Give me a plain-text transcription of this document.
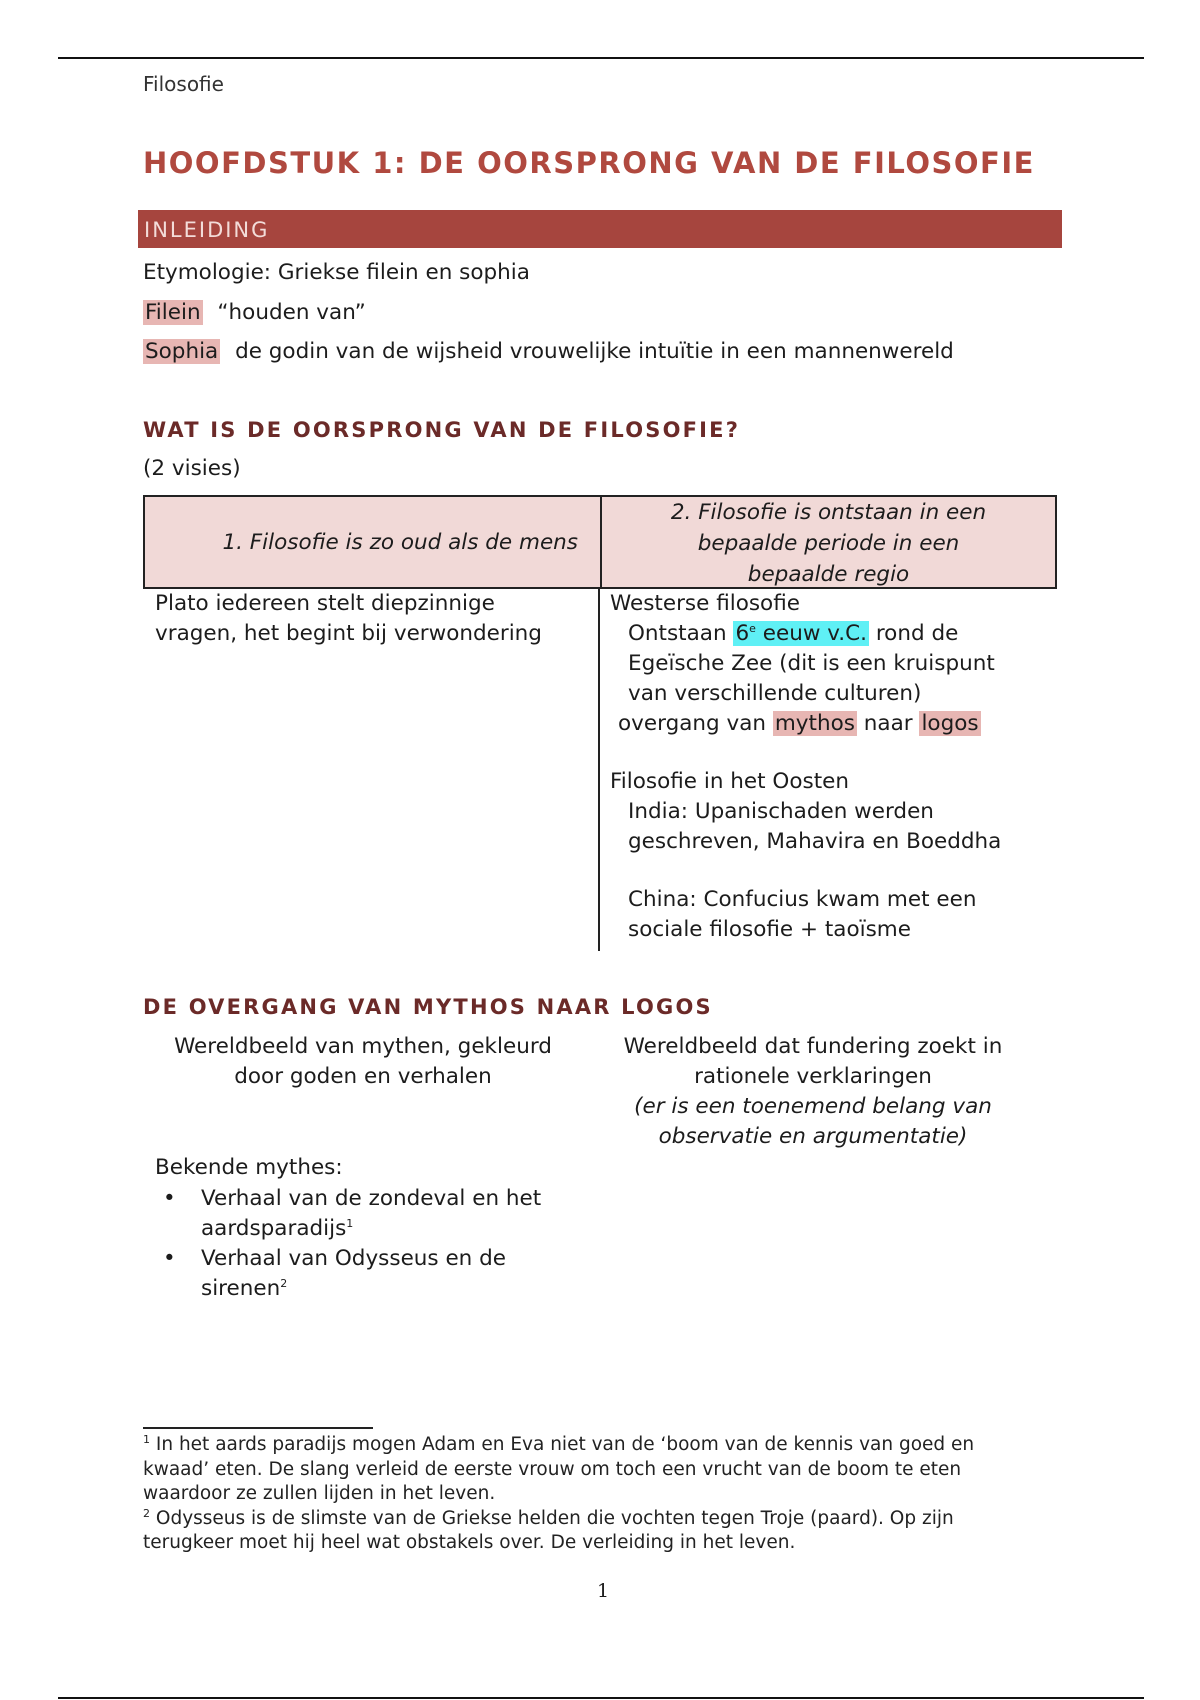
Filosofie
HOOFDSTUK 1: DE OORSPRONG VAN DE FILOSOFIE
INLEIDING
Etymologie: Griekse filein en sophia
Filein “houden van”
Sophia de godin van de wijsheid vrouwelijke intuïtie in een mannenwereld
WAT IS DE OORSPRONG VAN DE FILOSOFIE?
(2 visies)
1. Filosofie is zo oud als de mens
2. Filosofie is ontstaan in een
bepaalde periode in een
bepaalde regio
Plato iedereen stelt diepzinnige
vragen, het begint bij verwondering
Westerse filosofie
Ontstaan 6e eeuw v.C. rond de
Egeïsche Zee (dit is een kruispunt
van verschillende culturen)
overgang van mythos naar logos
Filosofie in het Oosten
India: Upanischaden werden
geschreven, Mahavira en Boeddha
China: Confucius kwam met een
sociale filosofie + taoïsme
DE OVERGANG VAN MYTHOS NAAR LOGOS
Wereldbeeld van mythen, gekleurd
door goden en verhalen
Wereldbeeld dat fundering zoekt in
rationele verklaringen
(er is een toenemend belang van
observatie en argumentatie)
Bekende mythes:
• Verhaal van de zondeval en het
aardsparadijs$^1$
• Verhaal van Odysseus en de
sirenen$^2$
$^1$ In het aards paradijs mogen Adam en Eva niet van de ‘boom van de kennis van goed en
kwaad’ eten. De slang verleid de eerste vrouw om toch een vrucht van de boom te eten
waardoor ze zullen lijden in het leven.
$^2$ Odysseus is de slimste van de Griekse helden die vochten tegen Troje (paard). Op zijn
terugkeer moet hij heel wat obstakels over. De verleiding in het leven.
1
